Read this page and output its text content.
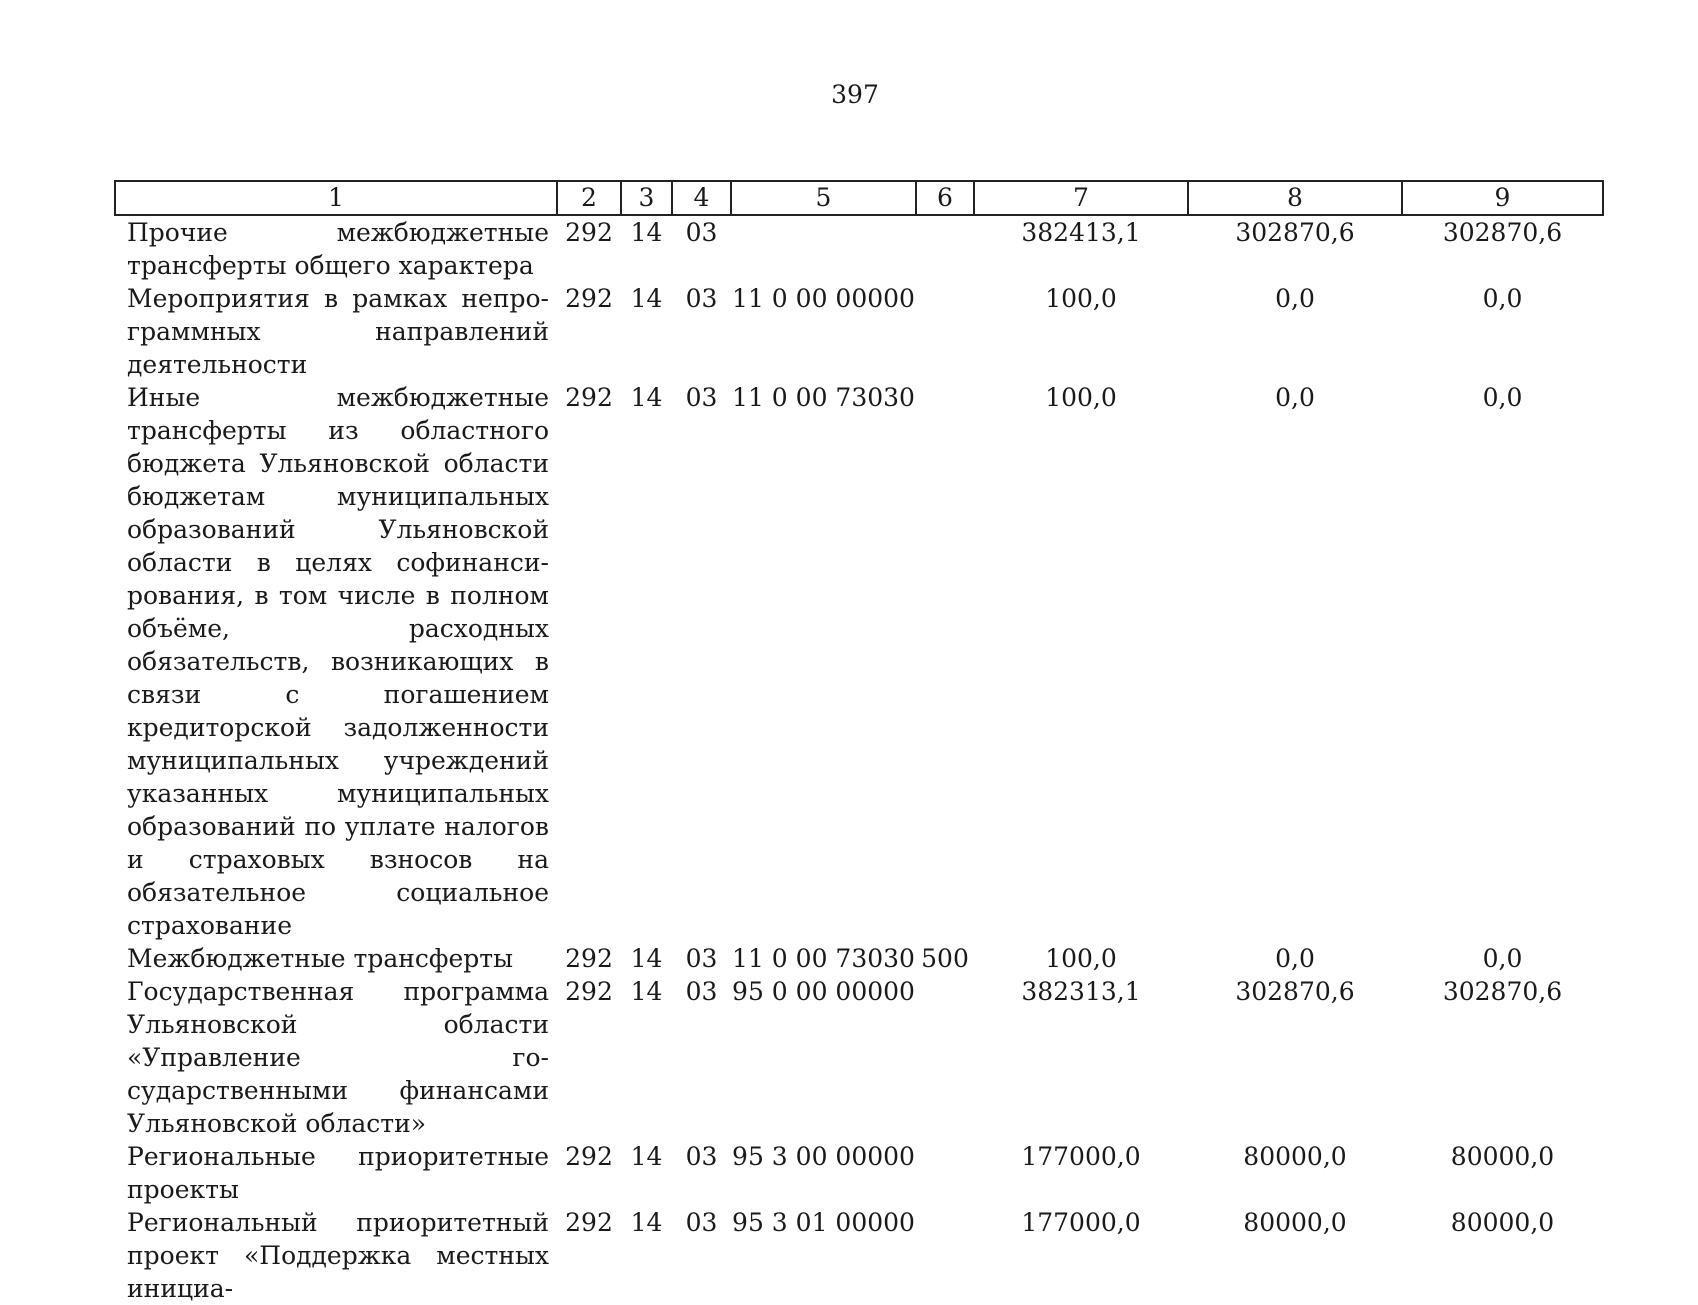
397
1	2	3	4	5	6	7	8	9
Прочие межбюджетные трансферты общего характера	292	14	03			382413,1	302870,6	302870,6
Мероприятия в рамках непрограммных направлений деятельности	292	14	03	11 0 00 00000		100,0	0,0	0,0
Иные межбюджетные трансферты из областного бюджета Ульяновской области бюджетам муниципальных образований Ульяновской области в целях софинансирования, в том числе в полном объёме, расходных обязательств, возникающих в связи с погашением кредиторской задолженности муниципальных учреждений указанных муниципальных образований по уплате налогов и страховых взносов на обязательное социальное страхование	292	14	03	11 0 00 73030		100,0	0,0	0,0
Межбюджетные трансферты	292	14	03	11 0 00 73030	500	100,0	0,0	0,0
Государственная программа Ульяновской области «Управление государственными финансами Ульяновской области»	292	14	03	95 0 00 00000		382313,1	302870,6	302870,6
Региональные приоритетные проекты	292	14	03	95 3 00 00000		177000,0	80000,0	80000,0
Региональный приоритетный проект «Поддержка местных инициа-	292	14	03	95 3 01 00000		177000,0	80000,0	80000,0
